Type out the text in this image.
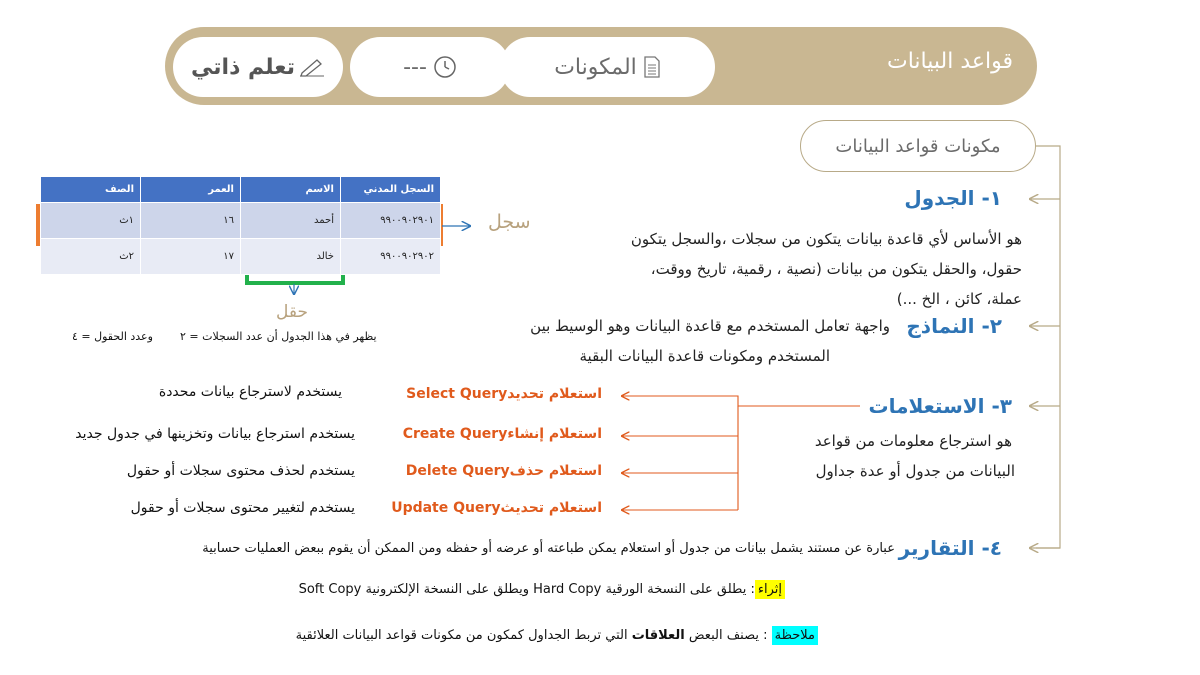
قواعد البيانات
المكونات
---
تعلم ذاتي
مكونات قواعد البيانات
الصف	العمر	الاسم	السجل المدني
١ث	١٦	أحمد	٩٩٠٠٩٠٢٩٠١
٢ث	١٧	خالد	٩٩٠٠٩٠٢٩٠٢
سجل
حقل
يظهر في هذا الجدول أن عدد السجلات = ٢
وعدد الحقول = ٤
١- الجدول
هو الأساس لأي قاعدة بيانات يتكون من سجلات ،والسجل يتكون
حقول، والحقل يتكون من بيانات (نصية ، رقمية، تاريخ ووقت،
عملة، كائن ، الخ ...)
٢- النماذج
واجهة تعامل المستخدم مع قاعدة البيانات وهو الوسيط بين
المستخدم ومكونات قاعدة البيانات البقية
٣- الاستعلامات
هو استرجاع معلومات من قواعد
البيانات من جدول أو عدة جداول
استعلام تحديدSelect Query
استعلام إنشاءCreate Query
استعلام حذفDelete Query
استعلام تحديثUpdate Query
يستخدم لاسترجاع بيانات محددة
يستخدم استرجاع بيانات وتخزينها في جدول جديد
يستخدم لحذف محتوى سجلات أو حقول
يستخدم لتغيير محتوى سجلات أو حقول
٤- التقارير
عبارة عن مستند يشمل بيانات من جدول أو استعلام يمكن طباعته أو عرضه أو حفظه ومن الممكن أن يقوم ببعض العمليات حسابية
إثراء: يطلق على النسخة الورقية Hard Copy ويطلق على النسخة الإلكترونية Soft Copy
ملاحظة : يصنف البعض العلاقات التي تربط الجداول كمكون من مكونات قواعد البيانات العلائقية
